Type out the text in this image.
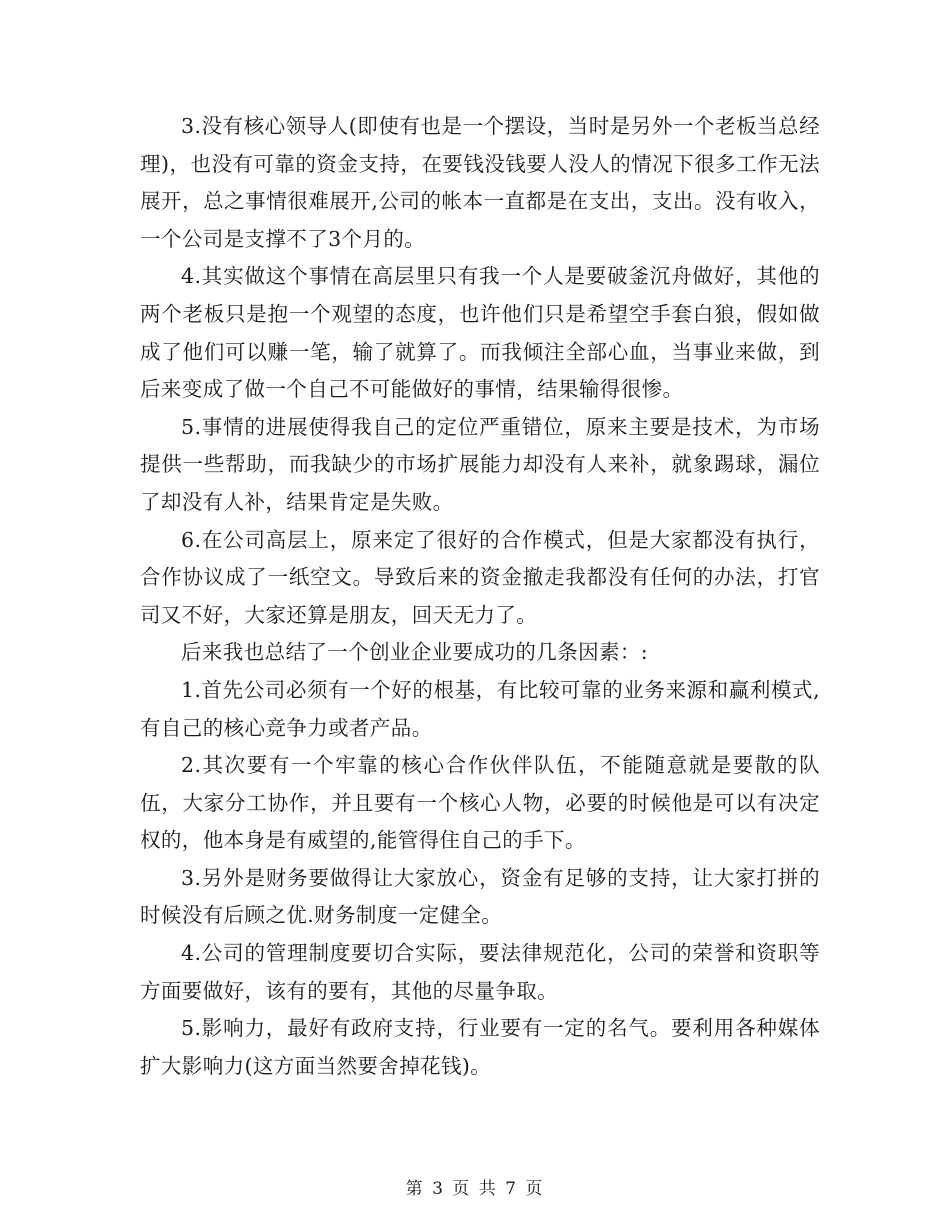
3.没有核心领导人(即使有也是一个摆设，当时是另外一个老板当总经理)，也没有可靠的资金支持，在要钱没钱要人没人的情况下很多工作无法展开，总之事情很难展开,公司的帐本一直都是在支出，支出。没有收入，一个公司是支撑不了3个月的。

4.其实做这个事情在高层里只有我一个人是要破釜沉舟做好，其他的两个老板只是抱一个观望的态度，也许他们只是希望空手套白狼，假如做成了他们可以赚一笔，输了就算了。而我倾注全部心血，当事业来做，到后来变成了做一个自己不可能做好的事情，结果输得很惨。

5.事情的进展使得我自己的定位严重错位，原来主要是技术，为市场提供一些帮助，而我缺少的市场扩展能力却没有人来补，就象踢球，漏位了却没有人补，结果肯定是失败。

6.在公司高层上，原来定了很好的合作模式，但是大家都没有执行，合作协议成了一纸空文。导致后来的资金撤走我都没有任何的办法，打官司又不好，大家还算是朋友，回天无力了。

后来我也总结了一个创业企业要成功的几条因素：:

1.首先公司必须有一个好的根基，有比较可靠的业务来源和赢利模式,有自己的核心竞争力或者产品。

2.其次要有一个牢靠的核心合作伙伴队伍，不能随意就是要散的队伍，大家分工协作，并且要有一个核心人物，必要的时候他是可以有决定权的，他本身是有威望的,能管得住自己的手下。

3.另外是财务要做得让大家放心，资金有足够的支持，让大家打拼的时候没有后顾之优.财务制度一定健全。

4.公司的管理制度要切合实际，要法律规范化，公司的荣誉和资职等方面要做好，该有的要有，其他的尽量争取。

5.影响力，最好有政府支持，行业要有一定的名气。要利用各种媒体扩大影响力(这方面当然要舍掉花钱)。

第 3 页 共 7 页
